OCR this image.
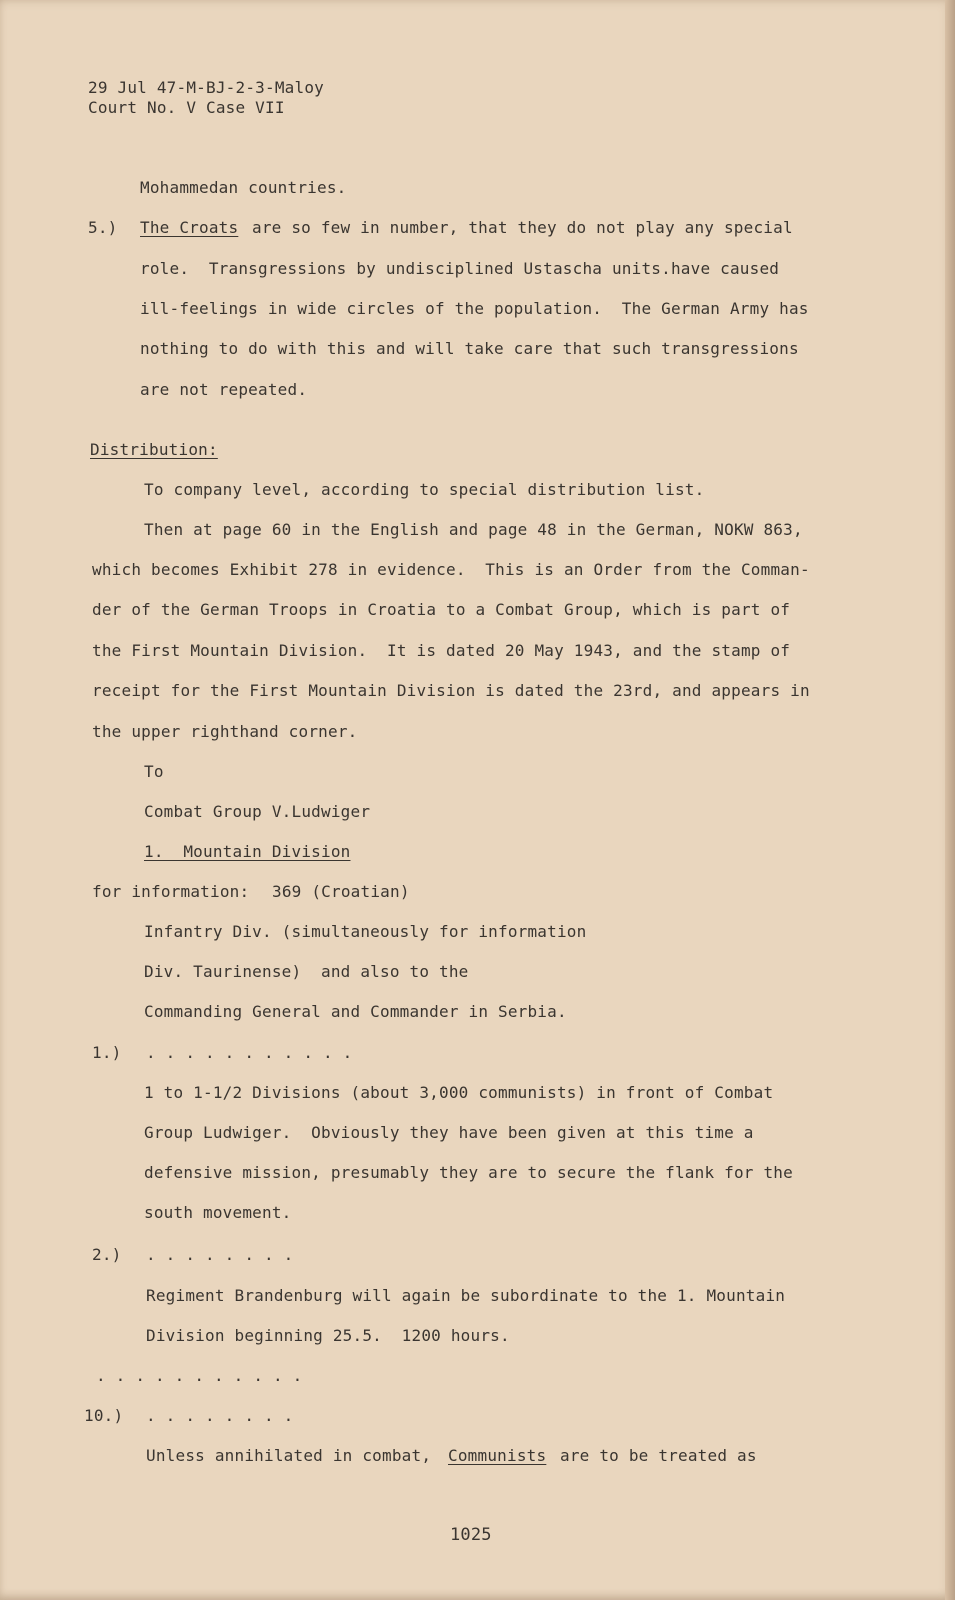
29 Jul 47-M-BJ-2-3-Maloy
Court No. V Case VII
Mohammedan countries.
5.) The Croats are so few in number, that they do not play any special
role.  Transgressions by undisciplined Ustascha units.have caused
ill-feelings in wide circles of the population.  The German Army has
nothing to do with this and will take care that such transgressions
are not repeated.
Distribution:
To company level, according to special distribution list.
Then at page 60 in the English and page 48 in the German, NOKW 863,
which becomes Exhibit 278 in evidence.  This is an Order from the Comman-
der of the German Troops in Croatia to a Combat Group, which is part of
the First Mountain Division.  It is dated 20 May 1943, and the stamp of
receipt for the First Mountain Division is dated the 23rd, and appears in
the upper righthand corner.
To
Combat Group V.Ludwiger
1.  Mountain Division
for information: 369 (Croatian)
Infantry Div. (simultaneously for information
Div. Taurinense)  and also to the
Commanding General and Commander in Serbia.
1.) . . . . . . . . . . .
1 to 1-1/2 Divisions (about 3,000 communists) in front of Combat
Group Ludwiger.  Obviously they have been given at this time a
defensive mission, presumably they are to secure the flank for the
south movement.
2.) . . . . . . . .
Regiment Brandenburg will again be subordinate to the 1. Mountain
Division beginning 25.5.  1200 hours.
. . . . . . . . . . .
10.) . . . . . . . .
Unless annihilated in combat, Communists are to be treated as
1025
